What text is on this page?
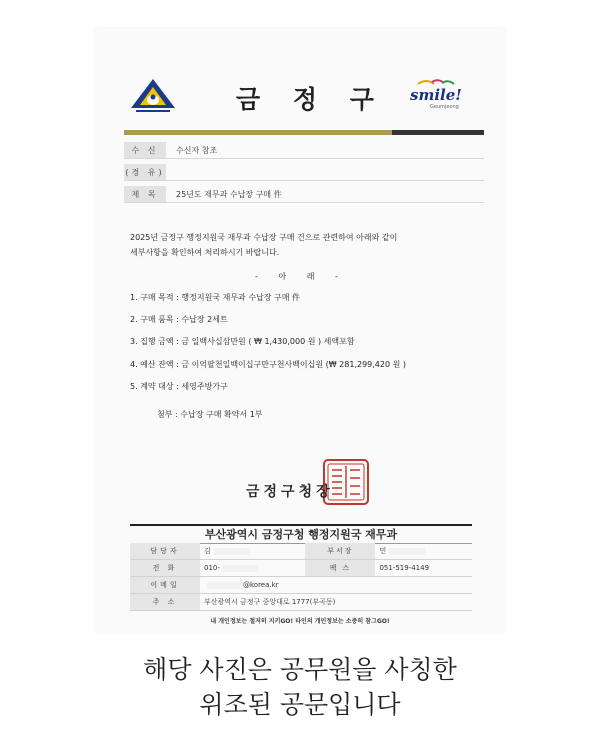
금 정 구 smile!
Geumjeong
수 신	수신자 참조
(경 유)
제 목	25년도 재무과 수납장 구매 件
2025년 금정구 행정지원국 재무과 수납장 구매 건으로 관련하여 아래와 같이
세부사항을 확인하여 처리하시기 바랍니다.
- 아 래 -
1. 구매 목적 : 행정지원국 재무과 수납장 구매 件
2. 구매 품목 : 수납장 2세트
3. 집행 금액 : 금 일백사십삼만원 ( ₩ 1,430,000 원 ) 세액포함
4. 예산 잔액 : 금 이억팔천일백이십구만구천사백이십원 (₩ 281,299,420 원 )
5. 계약 대상 : 세영주방가구
첨부 : 수납장 구매 확약서 1부
금정구청장
부산광역시 금정구청 행정지원국 재무과
담당자	김	부서장	민
전 화	010-	팩 스	051-519-4149
이메일	@korea.kr		
주 소	부산광역시 금정구 중앙대로 1777(부곡동)		
내 개인정보는 철저히 지키GO! 타인의 개인정보는 소중히 참그GO!
해당 사진은 공무원을 사칭한
위조된 공문입니다
